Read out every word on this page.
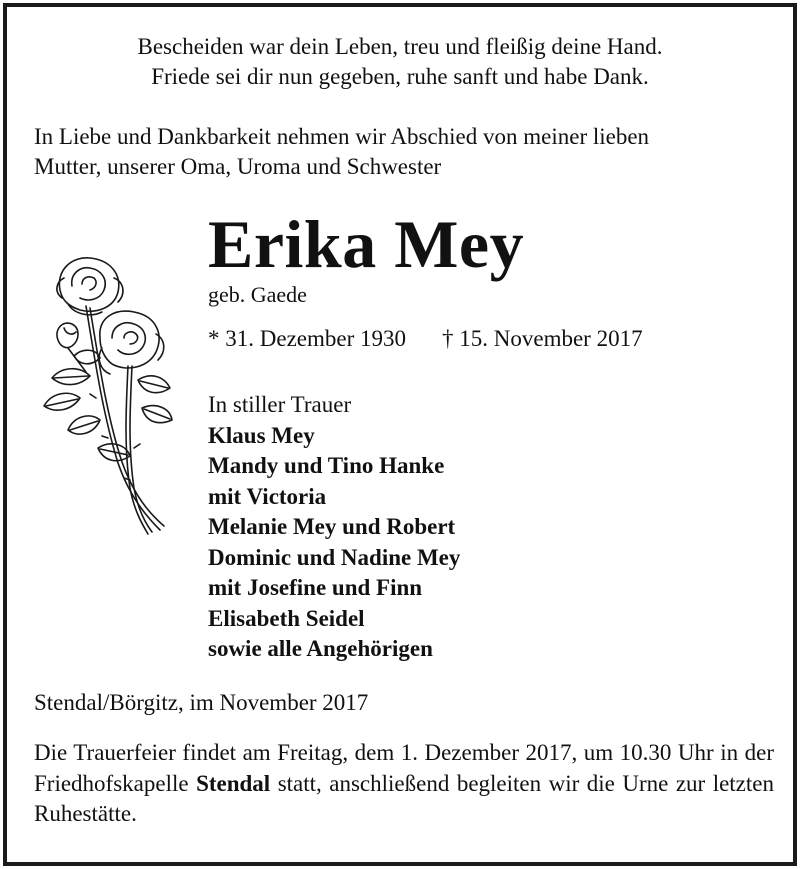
Bescheiden war dein Leben, treu und fleißig deine Hand.
Friede sei dir nun gegeben, ruhe sanft und habe Dank.
In Liebe und Dankbarkeit nehmen wir Abschied von meiner lieben
Mutter, unserer Oma, Uroma und Schwester
Erika Mey
geb. Gaede
* 31. Dezember 1930 † 15. November 2017
In stiller Trauer
Klaus Mey
Mandy und Tino Hanke
mit Victoria
Melanie Mey und Robert
Dominic und Nadine Mey
mit Josefine und Finn
Elisabeth Seidel
sowie alle Angehörigen
Stendal/Börgitz, im November 2017
Die Trauerfeier findet am Freitag, dem 1. Dezember 2017, um 10.30 Uhr in der Friedhofskapelle Stendal statt, anschließend begleiten wir die Urne zur letzten Ruhestätte.
